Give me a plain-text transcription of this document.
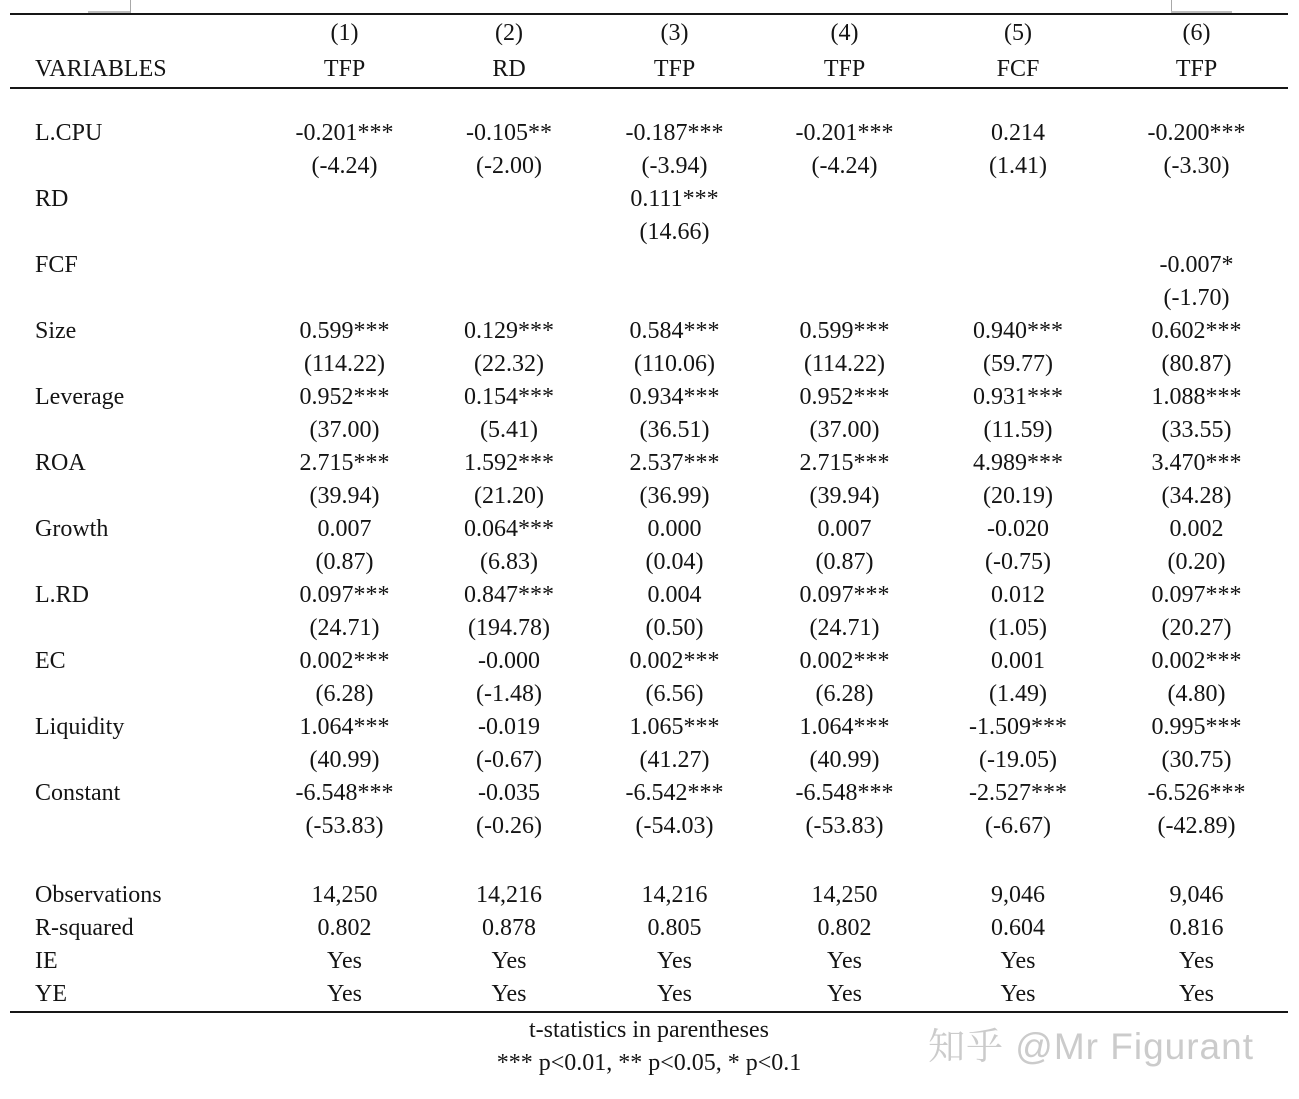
	(1)	(2)	(3)	(4)	(5)	(6)
VARIABLES	TFP	RD	TFP	TFP	FCF	TFP

L.CPU	-0.201***	-0.105**	-0.187***	-0.201***	0.214	-0.200***
	(-4.24)	(-2.00)	(-3.94)	(-4.24)	(1.41)	(-3.30)
RD			0.111***			
			(14.66)			
FCF						-0.007*
						(-1.70)
Size	0.599***	0.129***	0.584***	0.599***	0.940***	0.602***
	(114.22)	(22.32)	(110.06)	(114.22)	(59.77)	(80.87)
Leverage	0.952***	0.154***	0.934***	0.952***	0.931***	1.088***
	(37.00)	(5.41)	(36.51)	(37.00)	(11.59)	(33.55)
ROA	2.715***	1.592***	2.537***	2.715***	4.989***	3.470***
	(39.94)	(21.20)	(36.99)	(39.94)	(20.19)	(34.28)
Growth	0.007	0.064***	0.000	0.007	-0.020	0.002
	(0.87)	(6.83)	(0.04)	(0.87)	(-0.75)	(0.20)
L.RD	0.097***	0.847***	0.004	0.097***	0.012	0.097***
	(24.71)	(194.78)	(0.50)	(24.71)	(1.05)	(20.27)
EC	0.002***	-0.000	0.002***	0.002***	0.001	0.002***
	(6.28)	(-1.48)	(6.56)	(6.28)	(1.49)	(4.80)
Liquidity	1.064***	-0.019	1.065***	1.064***	-1.509***	0.995***
	(40.99)	(-0.67)	(41.27)	(40.99)	(-19.05)	(30.75)
Constant	-6.548***	-0.035	-6.542***	-6.548***	-2.527***	-6.526***
	(-53.83)	(-0.26)	(-54.03)	(-53.83)	(-6.67)	(-42.89)

Observations	14,250	14,216	14,216	14,250	9,046	9,046
R-squared	0.802	0.878	0.805	0.802	0.604	0.816
IE	Yes	Yes	Yes	Yes	Yes	Yes
YE	Yes	Yes	Yes	Yes	Yes	Yes
t-statistics in parentheses
*** p<0.01, ** p<0.05, * p<0.1	知乎 @Mr Figurant
